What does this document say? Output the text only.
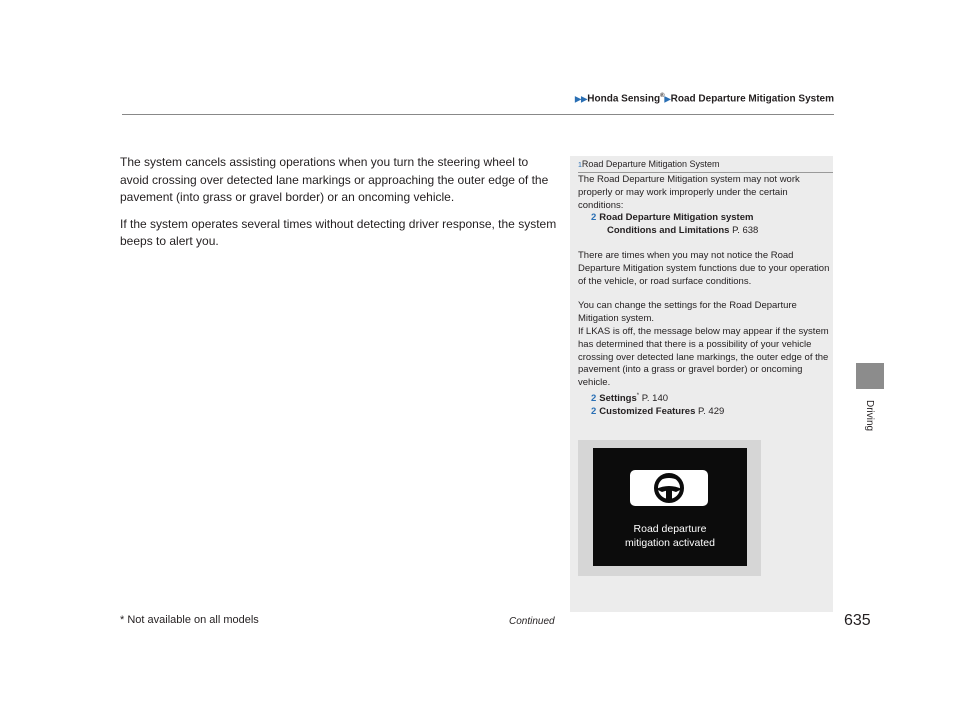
▶▶Honda Sensing®▶Road Departure Mitigation System

The system cancels assisting operations when you turn the steering wheel to avoid crossing over detected lane markings or approaching the outer edge of the pavement (into grass or gravel border) or an oncoming vehicle.

If the system operates several times without detecting driver response, the system beeps to alert you.

1Road Departure Mitigation System

The Road Departure Mitigation system may not work properly or may work improperly under the certain conditions:
2 Road Departure Mitigation system
Conditions and Limitations P. 638

There are times when you may not notice the Road Departure Mitigation system functions due to your operation of the vehicle, or road surface conditions.

You can change the settings for the Road Departure Mitigation system.
If LKAS is off, the message below may appear if the system has determined that there is a possibility of your vehicle crossing over detected lane markings, the outer edge of the pavement (into a grass or gravel border) or oncoming vehicle.
2 Settings* P. 140
2 Customized Features P. 429

Road departure
mitigation activated
Driving
* Not available on all models	Continued	635
